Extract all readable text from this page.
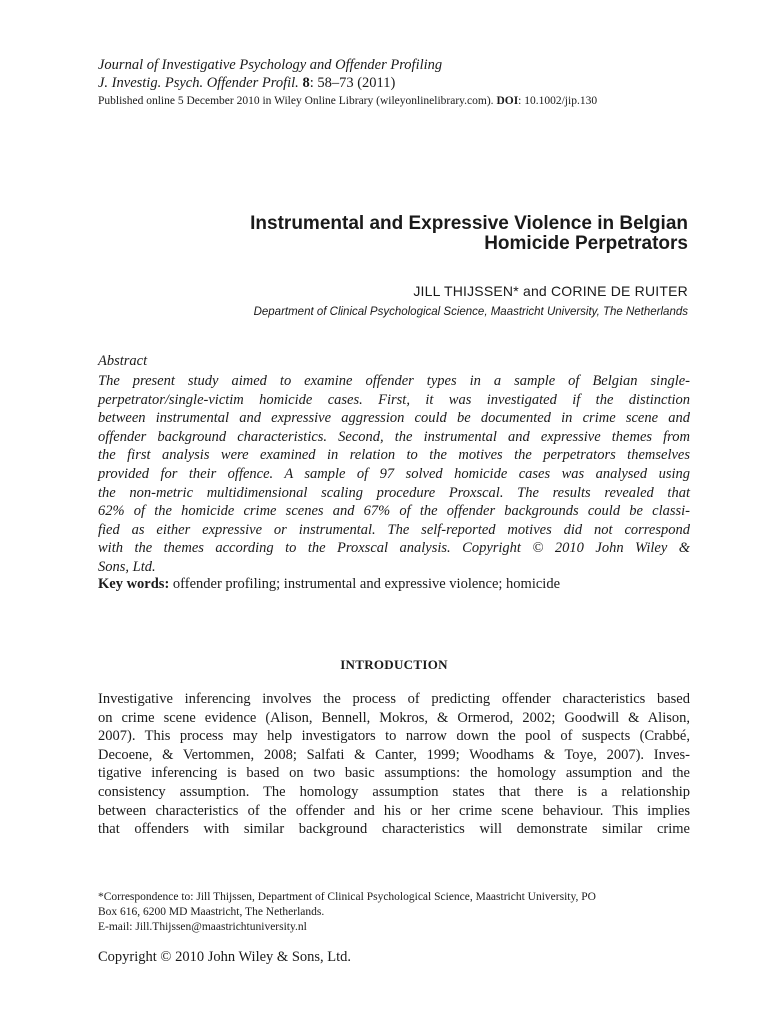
Journal of Investigative Psychology and Offender Profiling
J. Investig. Psych. Offender Profil. 8: 58–73 (2011)
Published online 5 December 2010 in Wiley Online Library (wileyonlinelibrary.com). DOI: 10.1002/jip.130
Instrumental and Expressive Violence in Belgian
Homicide Perpetrators
JILL THIJSSEN* and CORINE DE RUITER
Department of Clinical Psychological Science, Maastricht University, The Netherlands
Abstract
The present study aimed to examine offender types in a sample of Belgian single-
perpetrator/single-victim homicide cases. First, it was investigated if the distinction
between instrumental and expressive aggression could be documented in crime scene and
offender background characteristics. Second, the instrumental and expressive themes from
the first analysis were examined in relation to the motives the perpetrators themselves
provided for their offence. A sample of 97 solved homicide cases was analysed using
the non-metric multidimensional scaling procedure Proxscal. The results revealed that
62% of the homicide crime scenes and 67% of the offender backgrounds could be classi-
fied as either expressive or instrumental. The self-reported motives did not correspond
with the themes according to the Proxscal analysis. Copyright © 2010 John Wiley &
Sons, Ltd.
Key words: offender profiling; instrumental and expressive violence; homicide
INTRODUCTION
Investigative inferencing involves the process of predicting offender characteristics based
on crime scene evidence (Alison, Bennell, Mokros, & Ormerod, 2002; Goodwill & Alison,
2007). This process may help investigators to narrow down the pool of suspects (Crabbé,
Decoene, & Vertommen, 2008; Salfati & Canter, 1999; Woodhams & Toye, 2007). Inves-
tigative inferencing is based on two basic assumptions: the homology assumption and the
consistency assumption. The homology assumption states that there is a relationship
between characteristics of the offender and his or her crime scene behaviour. This implies
that offenders with similar background characteristics will demonstrate similar crime
*Correspondence to: Jill Thijssen, Department of Clinical Psychological Science, Maastricht University, PO
Box 616, 6200 MD Maastricht, The Netherlands.
E-mail: Jill.Thijssen@maastrichtuniversity.nl
Copyright © 2010 John Wiley & Sons, Ltd.
